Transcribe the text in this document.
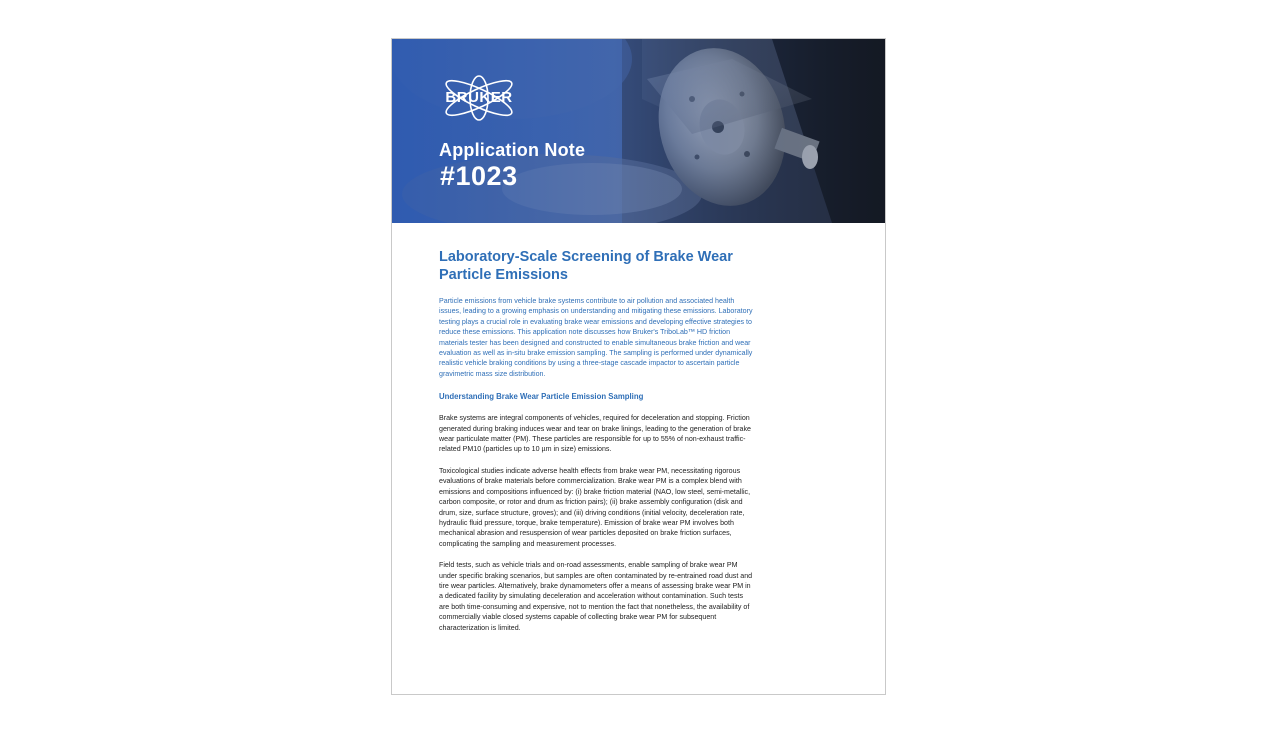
BRUKER
Application Note
#1023
Laboratory-Scale Screening of Brake Wear Particle Emissions

Particle emissions from vehicle brake systems contribute to air pollution and associated health issues, leading to a growing emphasis on understanding and mitigating these emissions. Laboratory testing plays a crucial role in evaluating brake wear emissions and developing effective strategies to reduce these emissions. This application note discusses how Bruker's TriboLab™ HD friction materials tester has been designed and constructed to enable simultaneous brake friction and wear evaluation as well as in-situ brake emission sampling. The sampling is performed under dynamically realistic vehicle braking conditions by using a three-stage cascade impactor to ascertain particle gravimetric mass size distribution.

Understanding Brake Wear Particle Emission Sampling

Brake systems are integral components of vehicles, required for deceleration and stopping. Friction generated during braking induces wear and tear on brake linings, leading to the generation of brake wear particulate matter (PM). These particles are responsible for up to 55% of non-exhaust traffic-related PM10 (particles up to 10 µm in size) emissions.

Toxicological studies indicate adverse health effects from brake wear PM, necessitating rigorous evaluations of brake materials before commercialization. Brake wear PM is a complex blend with emissions and compositions influenced by: (i) brake friction material (NAO, low steel, semi-metallic, carbon composite, or rotor and drum as friction pairs); (ii) brake assembly configuration (disk and drum, size, surface structure, groves); and (iii) driving conditions (initial velocity, deceleration rate, hydraulic fluid pressure, torque, brake temperature). Emission of brake wear PM involves both mechanical abrasion and resuspension of wear particles deposited on brake friction surfaces, complicating the sampling and measurement processes.

Field tests, such as vehicle trials and on-road assessments, enable sampling of brake wear PM under specific braking scenarios, but samples are often contaminated by re-entrained road dust and tire wear particles. Alternatively, brake dynamometers offer a means of assessing brake wear PM in a dedicated facility by simulating deceleration and acceleration without contamination. Such tests are both time-consuming and expensive, not to mention the fact that nonetheless, the availability of commercially viable closed systems capable of collecting brake wear PM for subsequent characterization is limited.
